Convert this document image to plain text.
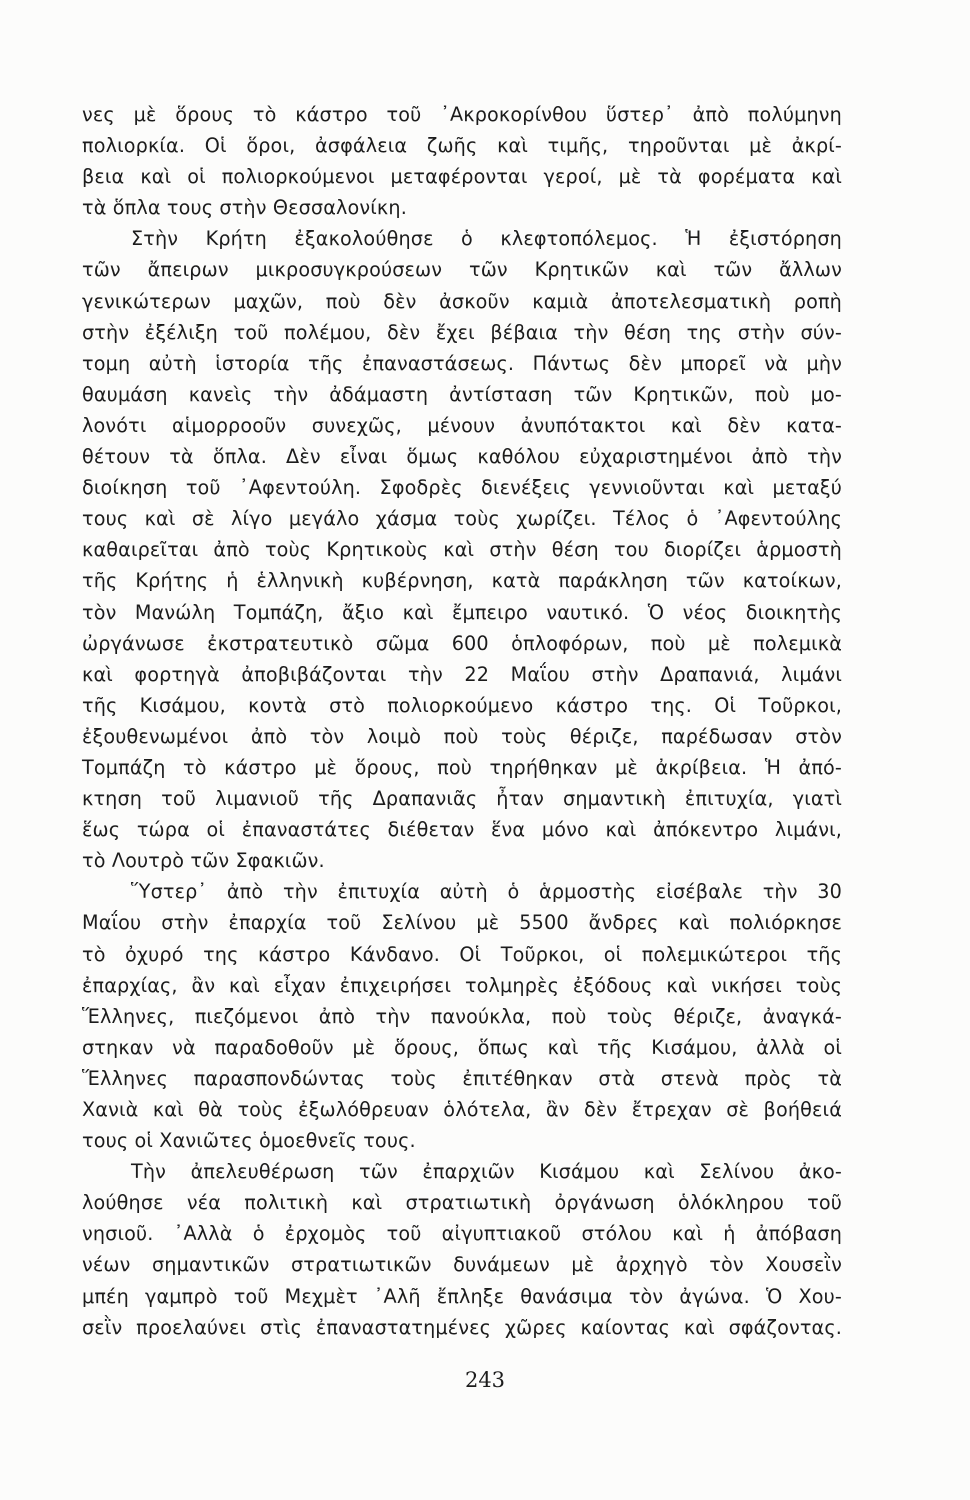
νες μὲ ὅρους τὸ κάστρο τοῦ ᾿Ακροκορίνθου ὕστερ᾿ ἀπὸ πολύμηνη
πολιορκία. Οἱ ὅροι, ἀσφάλεια ζωῆς καὶ τιμῆς, τηροῦνται μὲ ἀκρί-
βεια καὶ οἱ πολιορκούμενοι μεταφέρονται γεροί, μὲ τὰ φορέματα καὶ
τὰ ὅπλα τους στὴν Θεσσαλονίκη.
Στὴν Κρήτη ἐξακολούθησε ὁ κλεφτοπόλεμος. Ἡ ἐξιστόρηση
τῶν ἄπειρων μικροσυγκρούσεων τῶν Κρητικῶν καὶ τῶν ἄλλων
γενικώτερων μαχῶν, ποὺ δὲν ἀσκοῦν καμιὰ ἀποτελεσματικὴ ροπὴ
στὴν ἐξέλιξη τοῦ πολέμου, δὲν ἔχει βέβαια τὴν θέση της στὴν σύν-
τομη αὐτὴ ἱστορία τῆς ἐπαναστάσεως. Πάντως δὲν μπορεῖ νὰ μὴν
θαυμάση κανεὶς τὴν ἀδάμαστη ἀντίσταση τῶν Κρητικῶν, ποὺ μο-
λονότι αἱμορροοῦν συνεχῶς, μένουν ἀνυπότακτοι καὶ δὲν κατα-
θέτουν τὰ ὅπλα. Δὲν εἶναι ὅμως καθόλου εὐχαριστημένοι ἀπὸ τὴν
διοίκηση τοῦ ᾿Αφεντούλη. Σφοδρὲς διενέξεις γεννιοῦνται καὶ μεταξύ
τους καὶ σὲ λίγο μεγάλο χάσμα τοὺς χωρίζει. Τέλος ὁ ᾿Αφεντούλης
καθαιρεῖται ἀπὸ τοὺς Κρητικοὺς καὶ στὴν θέση του διορίζει ἁρμοστὴ
τῆς Κρήτης ἡ ἑλληνικὴ κυβέρνηση, κατὰ παράκληση τῶν κατοίκων,
τὸν Μανώλη Τομπάζη, ἄξιο καὶ ἔμπειρο ναυτικό. Ὁ νέος διοικητὴς
ὠργάνωσε ἐκστρατευτικὸ σῶμα 600 ὁπλοφόρων, ποὺ μὲ πολεμικὰ
καὶ φορτηγὰ ἀποβιβάζονται τὴν 22 Μαΐου στὴν Δραπανιά, λιμάνι
τῆς Κισάμου, κοντὰ στὸ πολιορκούμενο κάστρο της. Οἱ Τοῦρκοι,
ἐξουθενωμένοι ἀπὸ τὸν λοιμὸ ποὺ τοὺς θέριζε, παρέδωσαν στὸν
Τομπάζη τὸ κάστρο μὲ ὅρους, ποὺ τηρήθηκαν μὲ ἀκρίβεια. Ἡ ἀπό-
κτηση τοῦ λιμανιοῦ τῆς Δραπανιᾶς ἦταν σημαντικὴ ἐπιτυχία, γιατὶ
ἕως τώρα οἱ ἐπαναστάτες διέθεταν ἕνα μόνο καὶ ἀπόκεντρο λιμάνι,
τὸ Λουτρὸ τῶν Σφακιῶν.
Ὕστερ᾿ ἀπὸ τὴν ἐπιτυχία αὐτὴ ὁ ἁρμοστὴς εἰσέβαλε τὴν 30
Μαΐου στὴν ἐπαρχία τοῦ Σελίνου μὲ 5500 ἄνδρες καὶ πολιόρκησε
τὸ ὀχυρό της κάστρο Κάνδανο. Οἱ Τοῦρκοι, οἱ πολεμικώτεροι τῆς
ἐπαρχίας, ἂν καὶ εἶχαν ἐπιχειρήσει τολμηρὲς ἐξόδους καὶ νικήσει τοὺς
Ἕλληνες, πιεζόμενοι ἀπὸ τὴν πανούκλα, ποὺ τοὺς θέριζε, ἀναγκά-
στηκαν νὰ παραδοθοῦν μὲ ὅρους, ὅπως καὶ τῆς Κισάμου, ἀλλὰ οἱ
Ἕλληνες παρασπονδώντας τοὺς ἐπιτέθηκαν στὰ στενὰ πρὸς τὰ
Χανιὰ καὶ θὰ τοὺς ἐξωλόθρευαν ὁλότελα, ἂν δὲν ἔτρεχαν σὲ βοήθειά
τους οἱ Χανιῶτες ὁμοεθνεῖς τους.
Τὴν ἀπελευθέρωση τῶν ἐπαρχιῶν Κισάμου καὶ Σελίνου ἀκο-
λούθησε νέα πολιτικὴ καὶ στρατιωτικὴ ὀργάνωση ὁλόκληρου τοῦ
νησιοῦ. ᾿Αλλὰ ὁ ἐρχομὸς τοῦ αἰγυπτιακοῦ στόλου καὶ ἡ ἀπόβαση
νέων σημαντικῶν στρατιωτικῶν δυνάμεων μὲ ἀρχηγὸ τὸν Χουσεῒν
μπέη γαμπρὸ τοῦ Μεχμὲτ ᾿Αλῆ ἔπληξε θανάσιμα τὸν ἀγώνα. Ὁ Χου-
σεῒν προελαύνει στὶς ἐπαναστατημένες χῶρες καίοντας καὶ σφάζοντας.
243
